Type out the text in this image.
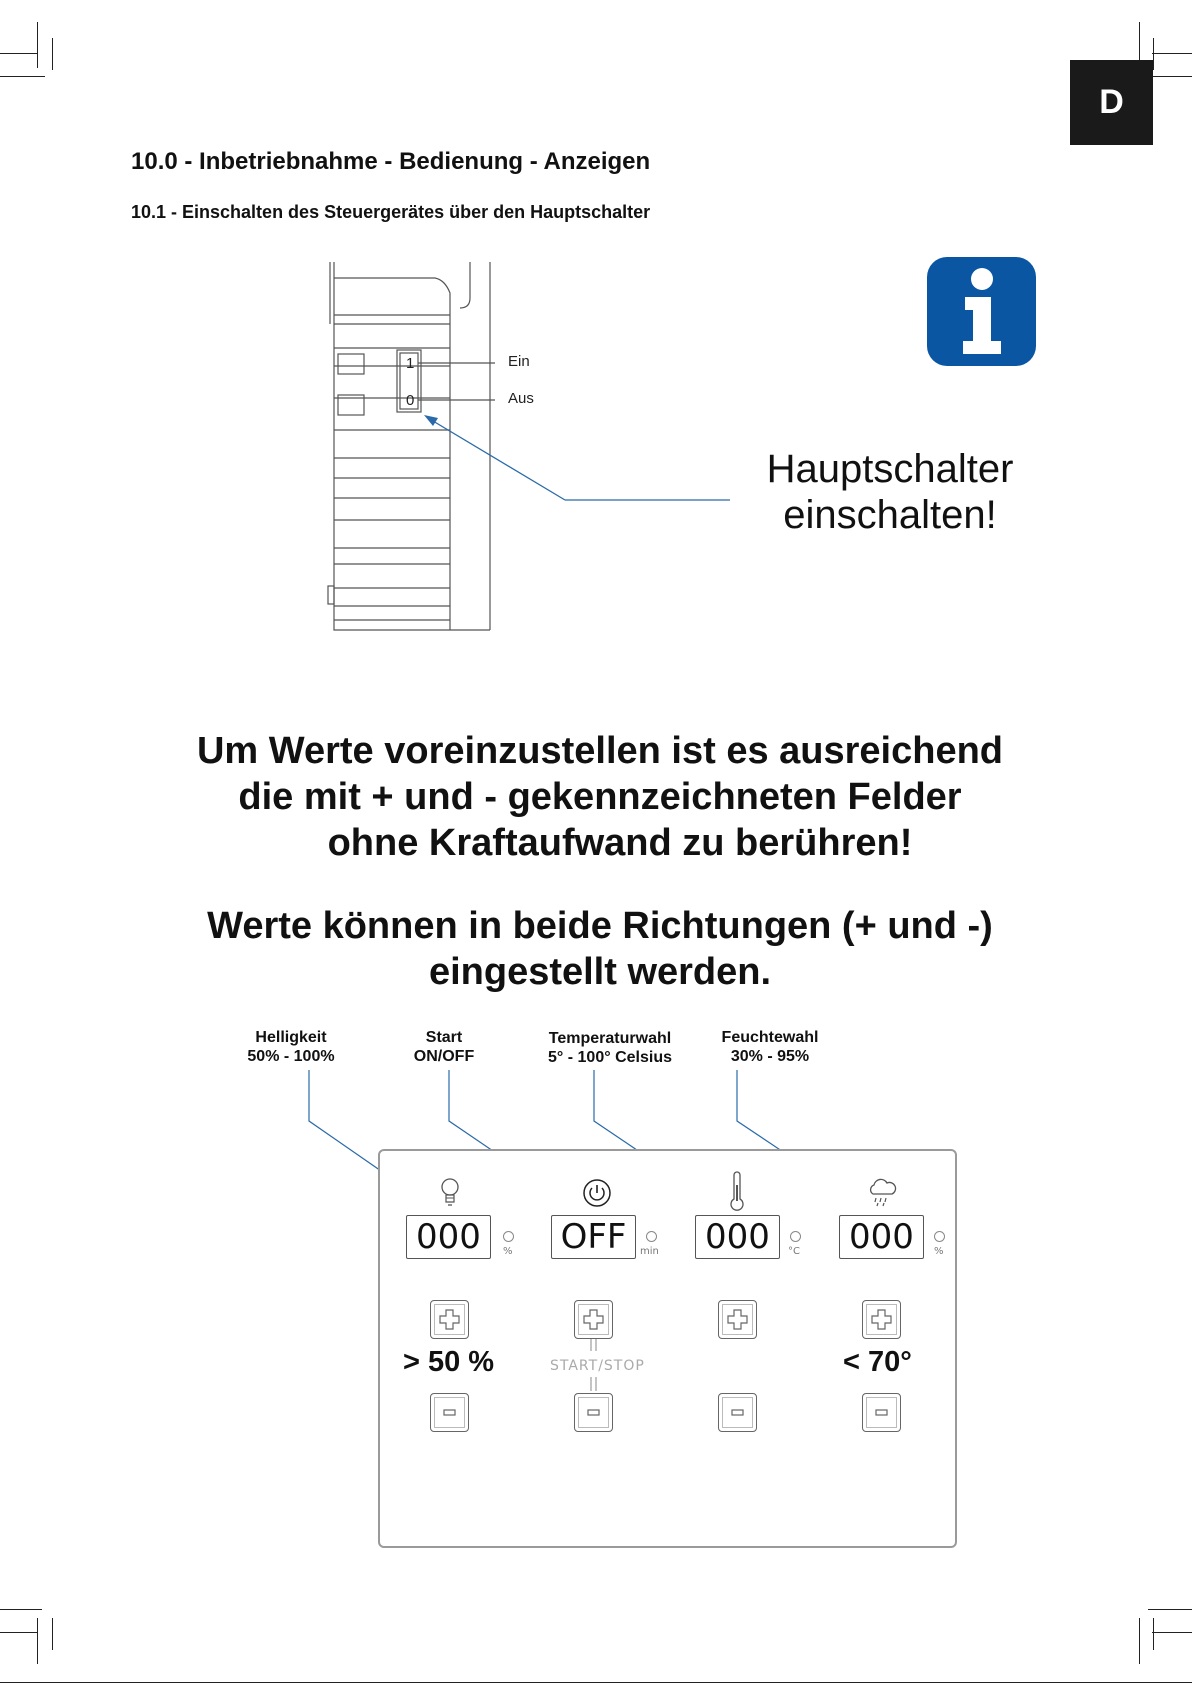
D
10.0 - Inbetriebnahme - Bedienung - Anzeigen
10.1 - Einschalten des Steuergerätes über den Hauptschalter
1
0
Ein
Aus
Hauptschalter
einschalten!
Um Werte voreinzustellen ist es ausreichend
die mit + und - gekennzeichneten Felder
ohne Kraftaufwand zu berühren!
Werte können in beide Richtungen (+ und -)
eingestellt werden.
Helligkeit
50% - 100%
Start
ON/OFF
Temperaturwahl
5° - 100° Celsius
Feuchtewahl
30% - 95%
000	% OFF	min 000	°C 000	%
> 50 %	START/STOP	< 70°
